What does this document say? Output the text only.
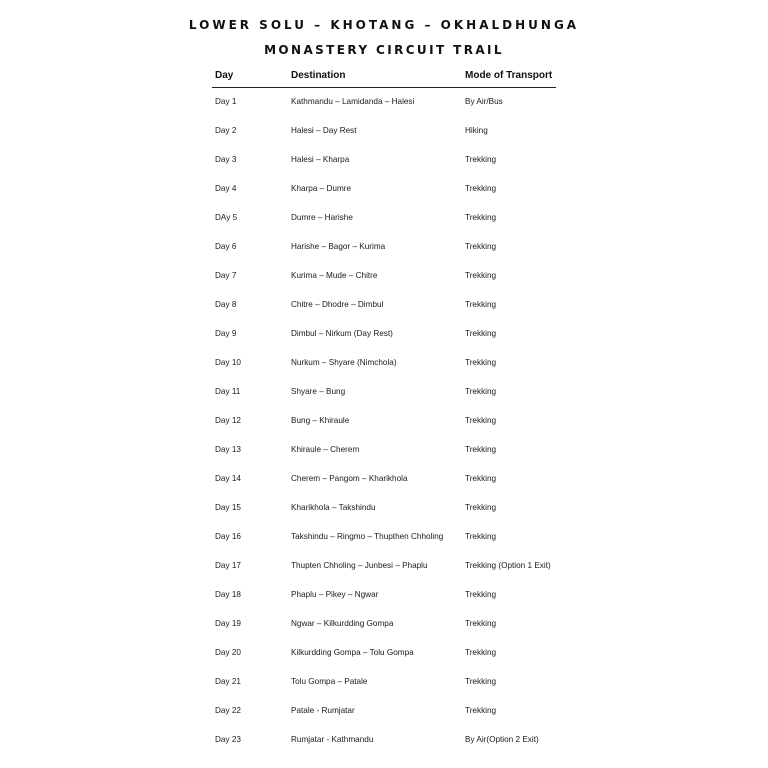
LOWER SOLU – KHOTANG – OKHALDHUNGA
MONASTERY CIRCUIT TRAIL
Day	Destination	Mode of Transport
Day 1	Kathmandu – Lamidanda – Halesi	By Air/Bus
Day 2	Halesi – Day Rest	Hiking
Day 3	Halesi – Kharpa	Trekking
Day 4	Kharpa – Dumre	Trekking
DAy 5	Dumre – Harishe	Trekking
Day 6	Harishe – Bagor – Kurima	Trekking
Day 7	Kurima – Mude – Chitre	Trekking
Day 8	Chitre – Dhodre – Dimbul	Trekking
Day 9	Dimbul – Nirkum (Day Rest)	Trekking
Day 10	Nurkum – Shyare (Nimchola)	Trekking
Day 11	Shyare – Bung	Trekking
Day 12	Bung – Khiraule	Trekking
Day 13	Khiraule – Cherem	Trekking
Day 14	Cherem – Pangom – Kharikhola	Trekking
Day 15	Kharikhola – Takshindu	Trekking
Day 16	Takshindu – Ringmo – Thupthen Chholing	Trekking
Day 17	Thupten Chholing – Junbesi – Phaplu	Trekking (Option 1 Exit)
Day 18	Phaplu – Pikey – Ngwar	Trekking
Day 19	Ngwar – Kilkurdding Gompa	Trekking
Day 20	Kilkurdding Gompa – Tolu Gompa	Trekking
Day 21	Tolu Gompa – Patale	Trekking
Day 22	Patale - Rumjatar	Trekking
Day 23	Rumjatar - Kathmandu	By Air(Option 2 Exit)
